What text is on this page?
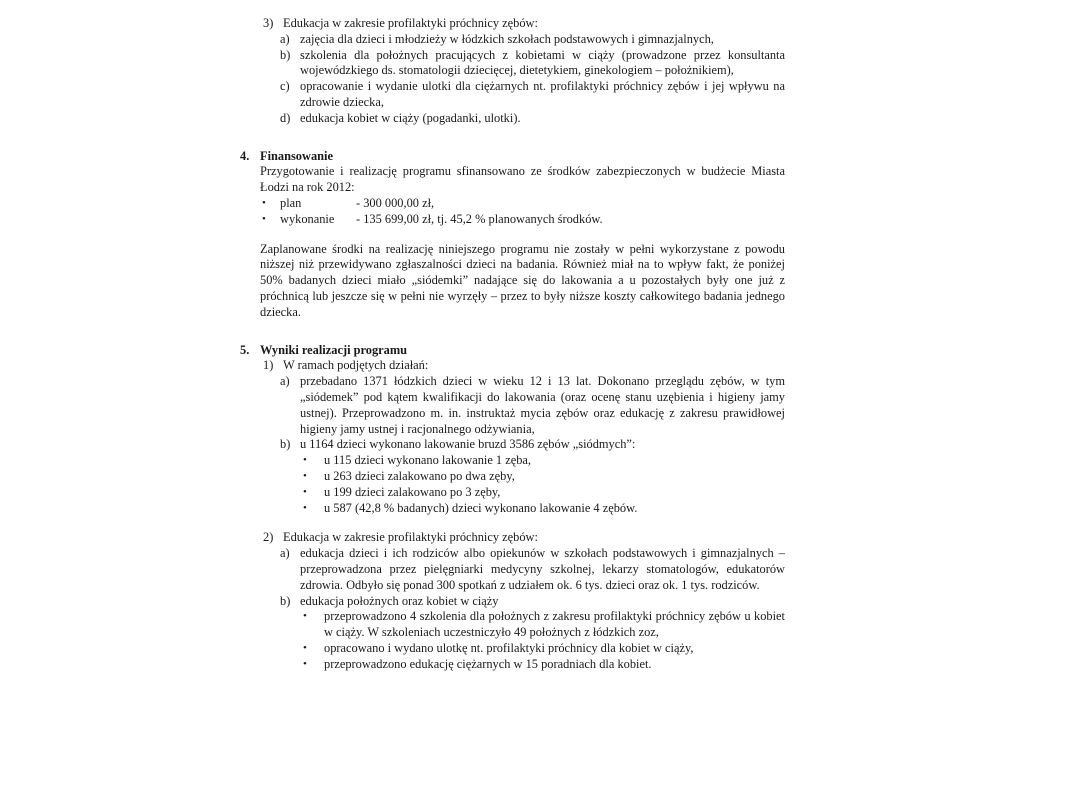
3) Edukacja w zakresie profilaktyki próchnicy zębów:
a) zajęcia dla dzieci i młodzieży w łódzkich szkołach podstawowych i gimnazjalnych,
b) szkolenia dla położnych pracujących z kobietami w ciąży (prowadzone przez konsultanta wojewódzkiego ds. stomatologii dziecięcej, dietetykiem, ginekologiem – położnikiem),
c) opracowanie i wydanie ulotki dla ciężarnych nt. profilaktyki próchnicy zębów i jej wpływu na zdrowie dziecka,
d) edukacja kobiet w ciąży (pogadanki, ulotki).
4. Finansowanie
Przygotowanie i realizację programu sfinansowano ze środków zabezpieczonych w budżecie Miasta Łodzi na rok 2012:
• plan	- 300 000,00 zł,
• wykonanie - 135 699,00 zł, tj. 45,2 % planowanych środków.
Zaplanowane środki na realizację niniejszego programu nie zostały w pełni wykorzystane z powodu niższej niż przewidywano zgłaszalności dzieci na badania. Również miał na to wpływ fakt, że poniżej 50% badanych dzieci miało „siódemki” nadające się do lakowania a u pozostałych były one już z próchnicą lub jeszcze się w pełni nie wyrzęły – przez to były niższe koszty całkowitego badania jednego dziecka.
5. Wyniki realizacji programu
1) W ramach podjętych działań:
a) przebadano 1371 łódzkich dzieci w wieku 12 i 13 lat. Dokonano przeglądu zębów, w tym „siódemek” pod kątem kwalifikacji do lakowania (oraz ocenę stanu uzębienia i higieny jamy ustnej). Przeprowadzono m. in. instruktaż mycia zębów oraz edukację z zakresu prawidłowej higieny jamy ustnej i racjonalnego odżywiania,
b) u 1164 dzieci wykonano lakowanie bruzd 3586 zębów „siódmych”:
• u 115 dzieci wykonano lakowanie 1 zęba,
• u 263 dzieci zalakowano po dwa zęby,
• u 199 dzieci zalakowano po 3 zęby,
• u 587 (42,8 % badanych) dzieci wykonano lakowanie 4 zębów.
2) Edukacja w zakresie profilaktyki próchnicy zębów:
a) edukacja dzieci i ich rodziców albo opiekunów w szkołach podstawowych i gimnazjalnych – przeprowadzona przez pielęgniarki medycyny szkolnej, lekarzy stomatologów, edukatorów zdrowia. Odbyło się ponad 300 spotkań z udziałem ok. 6 tys. dzieci oraz ok. 1 tys. rodziców.
b) edukacja położnych oraz kobiet w ciąży
• przeprowadzono 4 szkolenia dla położnych z zakresu profilaktyki próchnicy zębów u kobiet w ciąży. W szkoleniach uczestniczyło 49 położnych z łódzkich zoz,
• opracowano i wydano ulotkę nt. profilaktyki próchnicy dla kobiet w ciąży,
• przeprowadzono edukację ciężarnych w 15 poradniach dla kobiet.
